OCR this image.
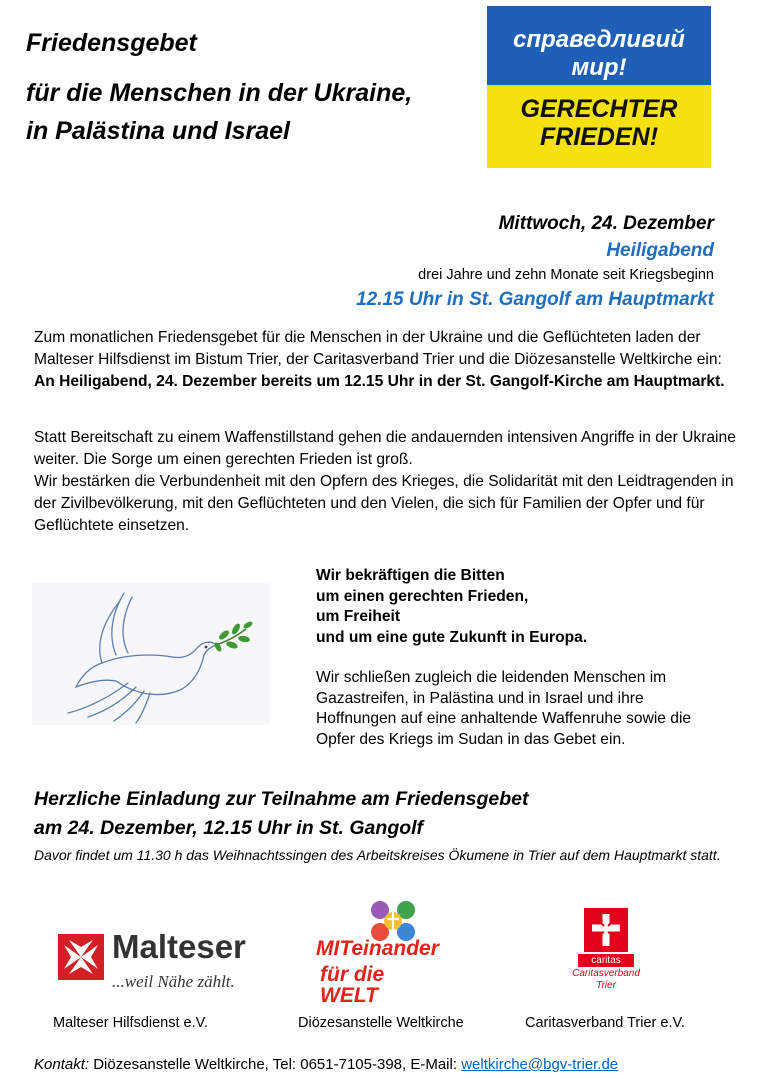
Friedensgebet
für die Menschen in der Ukraine,
in Palästina und Israel
справедливий
мир!
GERECHTER
FRIEDEN!
Mittwoch, 24. Dezember
Heiligabend
drei Jahre und zehn Monate seit Kriegsbeginn
12.15 Uhr in St. Gangolf am Hauptmarkt
Zum monatlichen Friedensgebet für die Menschen in der Ukraine und die Geflüchteten laden der Malteser Hilfsdienst im Bistum Trier, der Caritasverband Trier und die Diözesanstelle Weltkirche ein: An Heiligabend, 24. Dezember bereits um 12.15 Uhr in der St. Gangolf-Kirche am Hauptmarkt.
Statt Bereitschaft zu einem Waffenstillstand gehen die andauernden intensiven Angriffe in der Ukraine weiter. Die Sorge um einen gerechten Frieden ist groß.
Wir bestärken die Verbundenheit mit den Opfern des Krieges, die Solidarität mit den Leidtragenden in der Zivilbevölkerung, mit den Geflüchteten und den Vielen, die sich für Familien der Opfer und für Geflüchtete einsetzen.
Wir bekräftigen die Bitten
um einen gerechten Frieden,
um Freiheit
und um eine gute Zukunft in Europa.
Wir schließen zugleich die leidenden Menschen im Gazastreifen, in Palästina und in Israel und ihre Hoffnungen auf eine anhaltende Waffenruhe sowie die Opfer des Kriegs im Sudan in das Gebet ein.
Herzliche Einladung zur Teilnahme am Friedensgebet
am 24. Dezember, 12.15 Uhr in St. Gangolf
Davor findet um 11.30 h das Weihnachtssingen des Arbeitskreises Ökumene in Trier auf dem Hauptmarkt statt.
Malteser
...weil Nähe zählt.
MITeinander
für die WELT
caritas
Caritasverband
Trier
Malteser Hilfsdienst e.V.	Diözesanstelle Weltkirche	Caritasverband Trier e.V.
Kontakt: Diözesanstelle Weltkirche, Tel: 0651-7105-398, E-Mail: weltkirche@bgv-trier.de
